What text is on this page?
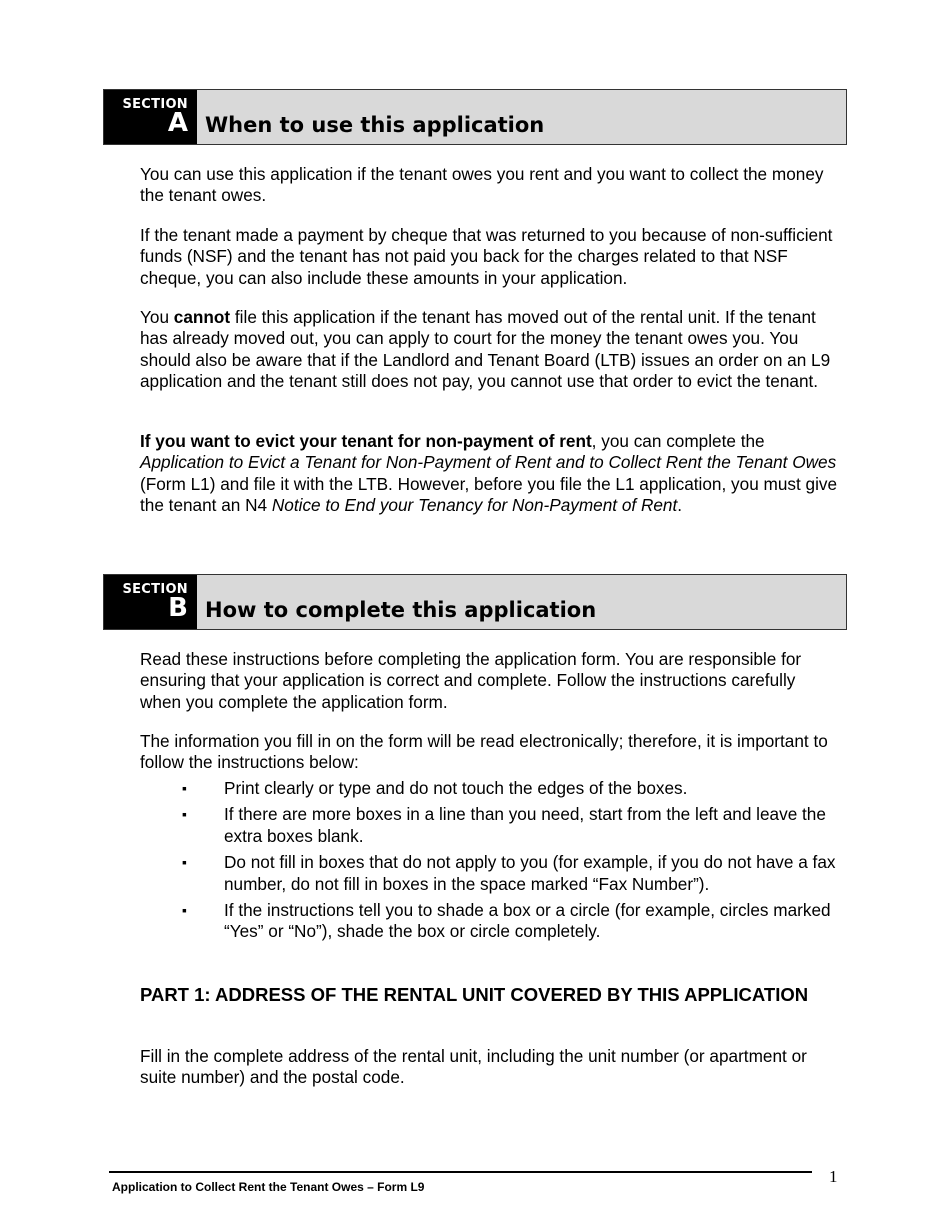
SECTION
A When to use this application

You can use this application if the tenant owes you rent and you want to collect the money the tenant owes.

If the tenant made a payment by cheque that was returned to you because of non-sufficient funds (NSF) and the tenant has not paid you back for the charges related to that NSF cheque, you can also include these amounts in your application.

You cannot file this application if the tenant has moved out of the rental unit. If the tenant has already moved out, you can apply to court for the money the tenant owes you. You should also be aware that if the Landlord and Tenant Board (LTB) issues an order on an L9 application and the tenant still does not pay, you cannot use that order to evict the tenant.

If you want to evict your tenant for non-payment of rent, you can complete the Application to Evict a Tenant for Non-Payment of Rent and to Collect Rent the Tenant Owes (Form L1) and file it with the LTB. However, before you file the L1 application, you must give the tenant an N4 Notice to End your Tenancy for Non-Payment of Rent.

SECTION
B How to complete this application

Read these instructions before completing the application form. You are responsible for ensuring that your application is correct and complete. Follow the instructions carefully when you complete the application form.

The information you fill in on the form will be read electronically; therefore, it is important to follow the instructions below:

▪ Print clearly or type and do not touch the edges of the boxes.
▪ If there are more boxes in a line than you need, start from the left and leave the extra boxes blank.
▪ Do not fill in boxes that do not apply to you (for example, if you do not have a fax number, do not fill in boxes in the space marked “Fax Number”).
▪ If the instructions tell you to shade a box or a circle (for example, circles marked “Yes” or “No”), shade the box or circle completely.
PART 1: ADDRESS OF THE RENTAL UNIT COVERED BY THIS APPLICATION

Fill in the complete address of the rental unit, including the unit number (or apartment or suite number) and the postal code.

Application to Collect Rent the Tenant Owes – Form L9
1
